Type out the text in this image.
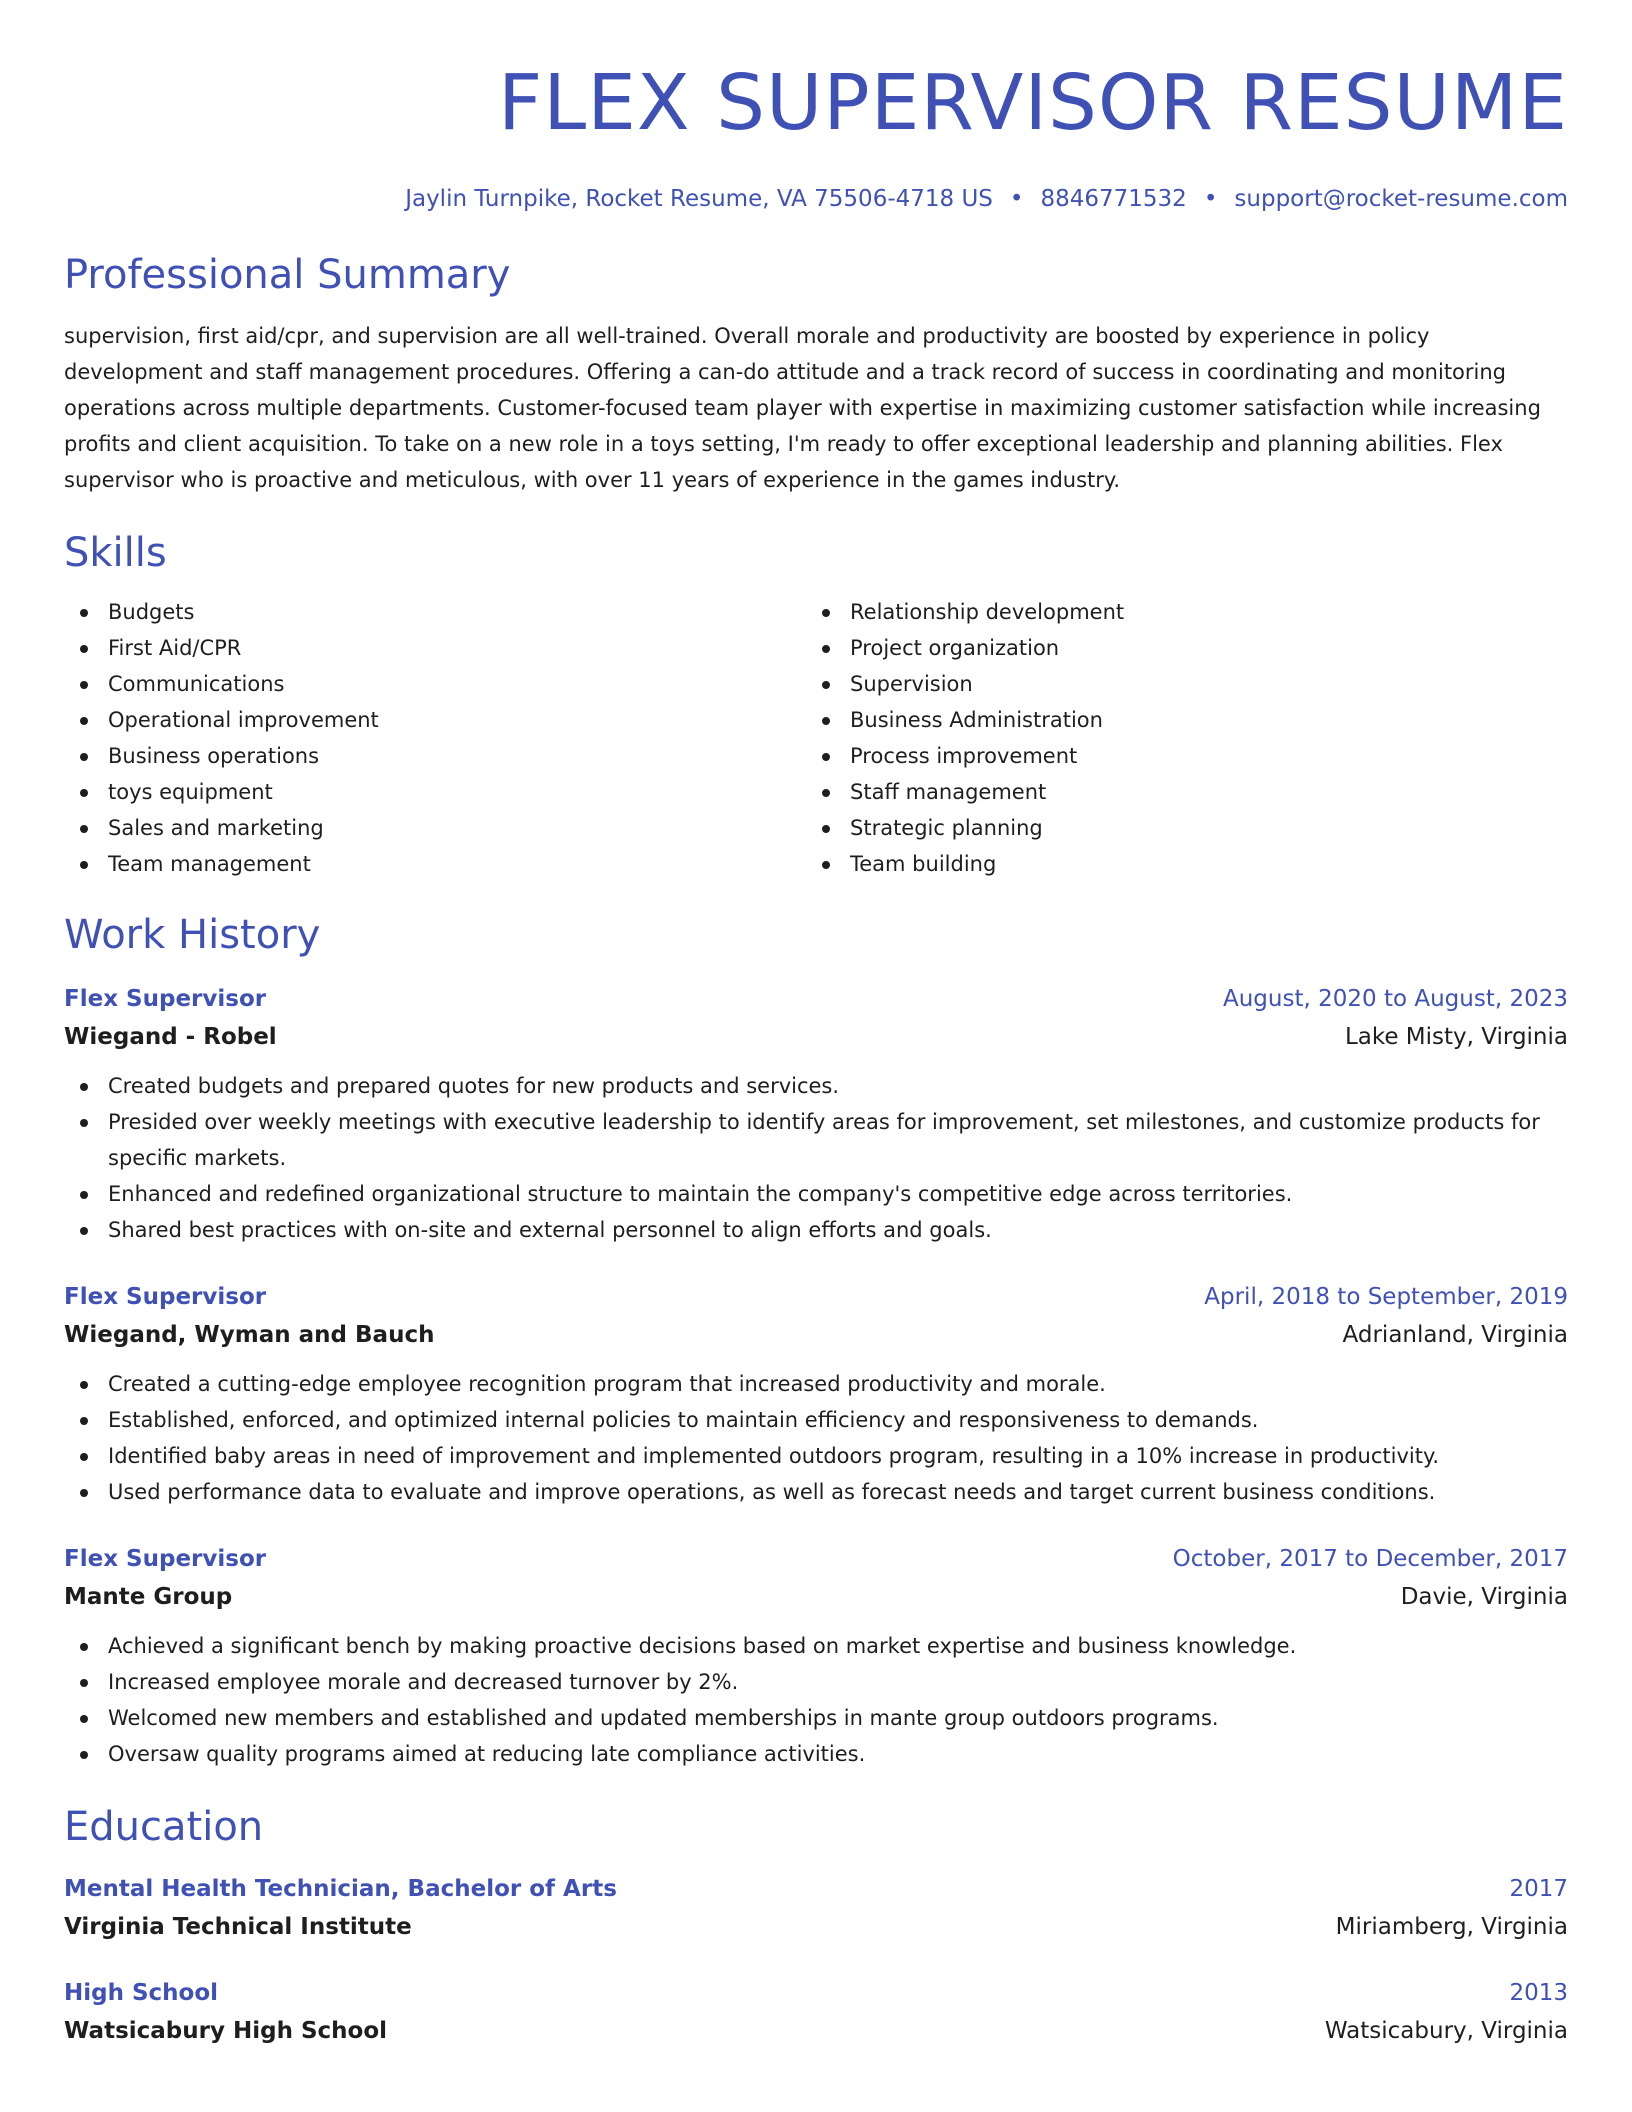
FLEX SUPERVISOR RESUME
Jaylin Turnpike, Rocket Resume, VA 75506-4718 US • 8846771532 • support@rocket-resume.com
Professional Summary

supervision, first aid/cpr, and supervision are all well-trained. Overall morale and productivity are boosted by experience in policy development and staff management procedures. Offering a can-do attitude and a track record of success in coordinating and monitoring operations across multiple departments. Customer-focused team player with expertise in maximizing customer satisfaction while increasing profits and client acquisition. To take on a new role in a toys setting, I'm ready to offer exceptional leadership and planning abilities. Flex supervisor who is proactive and meticulous, with over 11 years of experience in the games industry.

Skills
Budgets
First Aid/CPR
Communications
Operational improvement
Business operations
toys equipment
Sales and marketing
Team management
Relationship development
Project organization
Supervision
Business Administration
Process improvement
Staff management
Strategic planning
Team building
Work History
Flex Supervisor	August, 2020 to August, 2023
Wiegand - Robel	Lake Misty, Virginia
Created budgets and prepared quotes for new products and services.
Presided over weekly meetings with executive leadership to identify areas for improvement, set milestones, and customize products for specific markets.
Enhanced and redefined organizational structure to maintain the company's competitive edge across territories.
Shared best practices with on-site and external personnel to align efforts and goals.
Flex Supervisor	April, 2018 to September, 2019
Wiegand, Wyman and Bauch	Adrianland, Virginia
Created a cutting-edge employee recognition program that increased productivity and morale.
Established, enforced, and optimized internal policies to maintain efficiency and responsiveness to demands.
Identified baby areas in need of improvement and implemented outdoors program, resulting in a 10% increase in productivity.
Used performance data to evaluate and improve operations, as well as forecast needs and target current business conditions.
Flex Supervisor	October, 2017 to December, 2017
Mante Group	Davie, Virginia
Achieved a significant bench by making proactive decisions based on market expertise and business knowledge.
Increased employee morale and decreased turnover by 2%.
Welcomed new members and established and updated memberships in mante group outdoors programs.
Oversaw quality programs aimed at reducing late compliance activities.
Education
Mental Health Technician, Bachelor of Arts	2017
Virginia Technical Institute	Miriamberg, Virginia
High School	2013
Watsicabury High School	Watsicabury, Virginia
